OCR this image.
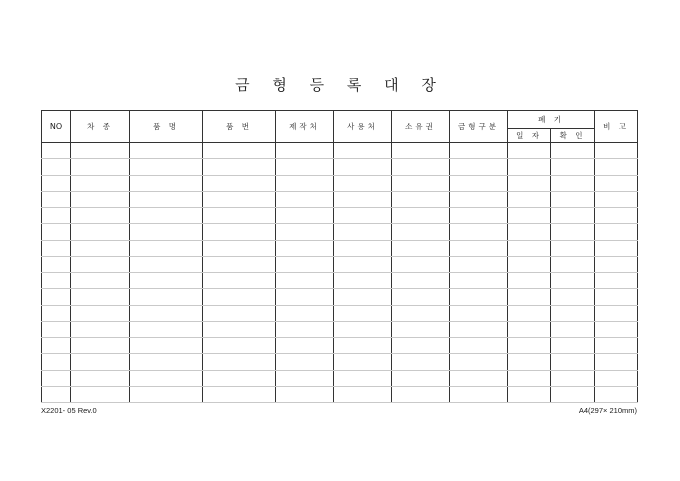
금 형 등 록 대 장
NO	차 종	품 명	품 번	제작처	사용처	소유권	금형구분	폐 기		비 고
								일 자	확 인	

X2201- 05 Rev.0	A4(297× 210mm)
